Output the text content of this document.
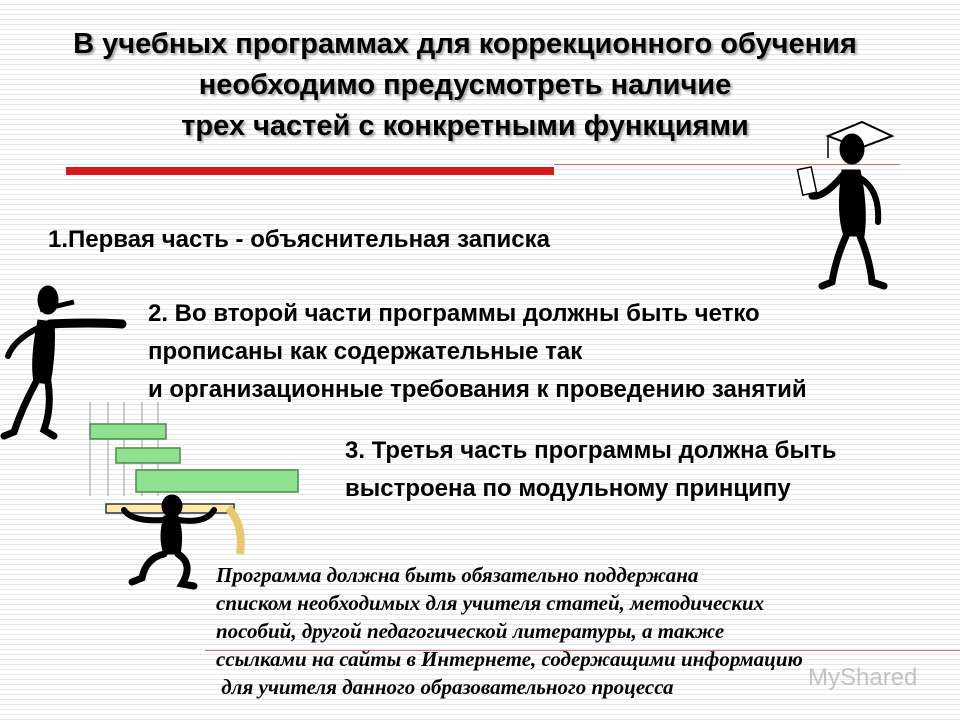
В учебных программах для коррекционного обучения
необходимо предусмотреть наличие
трех частей с конкретными функциями
1.Первая часть - объяснительная записка
2. Во второй части программы должны быть четко
прописаны как содержательные так
и организационные требования к проведению занятий
3. Третья часть программы должна быть
выстроена по модульному принципу
Программа должна быть обязательно поддержана
списком необходимых для учителя статей, методических
пособий, другой педагогической литературы, а также
ссылками на сайты в Интернете, содержащими информацию
для учителя данного образовательного процесса	MyShared
